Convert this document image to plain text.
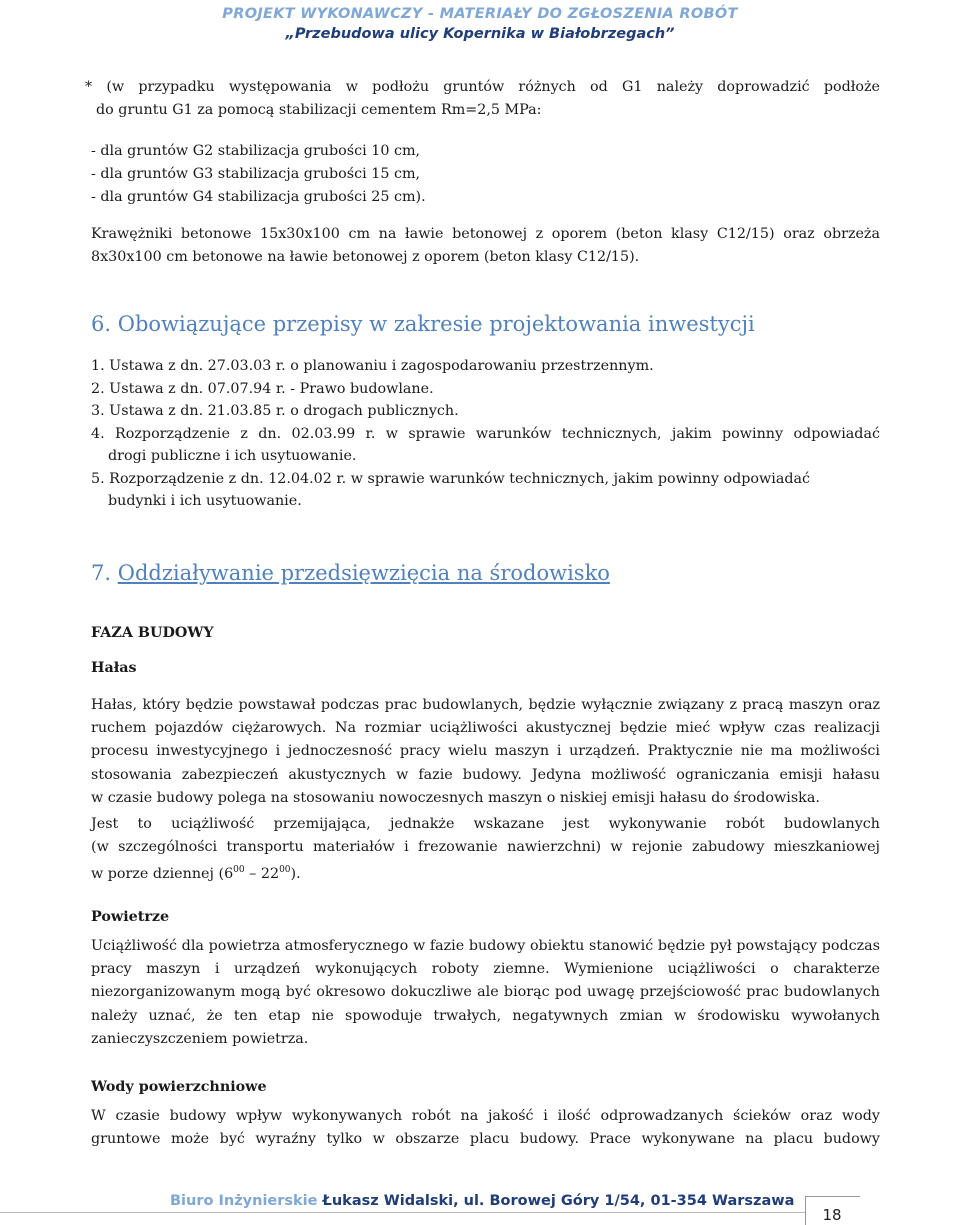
PROJEKT WYKONAWCZY - MATERIAŁY DO ZGŁOSZENIA ROBÓT
„Przebudowa ulicy Kopernika w Białobrzegach”
* (w przypadku występowania w podłożu gruntów różnych od G1 należy doprowadzić podłoże
do gruntu G1 za pomocą stabilizacji cementem Rm=2,5 MPa:
- dla gruntów G2 stabilizacja grubości 10 cm,
- dla gruntów G3 stabilizacja grubości 15 cm,
- dla gruntów G4 stabilizacja grubości 25 cm).
Krawężniki betonowe 15x30x100 cm na ławie betonowej z oporem (beton klasy C12/15) oraz obrzeża
8x30x100 cm betonowe na ławie betonowej z oporem (beton klasy C12/15).
6. Obowiązujące przepisy w zakresie projektowania inwestycji
1. Ustawa z dn. 27.03.03 r. o planowaniu i zagospodarowaniu przestrzennym.
2. Ustawa z dn. 07.07.94 r. - Prawo budowlane.
3. Ustawa z dn. 21.03.85 r. o drogach publicznych.
4. Rozporządzenie z dn. 02.03.99 r. w sprawie warunków technicznych, jakim powinny odpowiadać
drogi publiczne i ich usytuowanie.
5. Rozporządzenie z dn. 12.04.02 r. w sprawie warunków technicznych, jakim powinny odpowiadać
budynki i ich usytuowanie.
7. Oddziaływanie przedsięwzięcia na środowisko
FAZA BUDOWY
Hałas
Hałas, który będzie powstawał podczas prac budowlanych, będzie wyłącznie związany z pracą maszyn oraz
ruchem pojazdów ciężarowych. Na rozmiar uciążliwości akustycznej będzie mieć wpływ czas realizacji
procesu inwestycyjnego i jednoczesność pracy wielu maszyn i urządzeń. Praktycznie nie ma możliwości
stosowania zabezpieczeń akustycznych w fazie budowy. Jedyna możliwość ograniczania emisji hałasu
w czasie budowy polega na stosowaniu nowoczesnych maszyn o niskiej emisji hałasu do środowiska.
Jest to uciążliwość przemijająca, jednakże wskazane jest wykonywanie robót budowlanych
(w szczególności transportu materiałów i frezowanie nawierzchni) w rejonie zabudowy mieszkaniowej
w porze dziennej $(6^{00} - 22^{00})$.
Powietrze
Uciążliwość dla powietrza atmosferycznego w fazie budowy obiektu stanowić będzie pył powstający podczas
pracy maszyn i urządzeń wykonujących roboty ziemne. Wymienione uciążliwości o charakterze
niezorganizowanym mogą być okresowo dokuczliwe ale biorąc pod uwagę przejściowość prac budowlanych
należy uznać, że ten etap nie spowoduje trwałych, negatywnych zmian w środowisku wywołanych
zanieczyszczeniem powietrza.
Wody powierzchniowe
W czasie budowy wpływ wykonywanych robót na jakość i ilość odprowadzanych ścieków oraz wody
gruntowe może być wyraźny tylko w obszarze placu budowy. Prace wykonywane na placu budowy
Biuro Inżynierskie Łukasz Widalski, ul. Borowej Góry 1/54, 01-354 Warszawa
18
